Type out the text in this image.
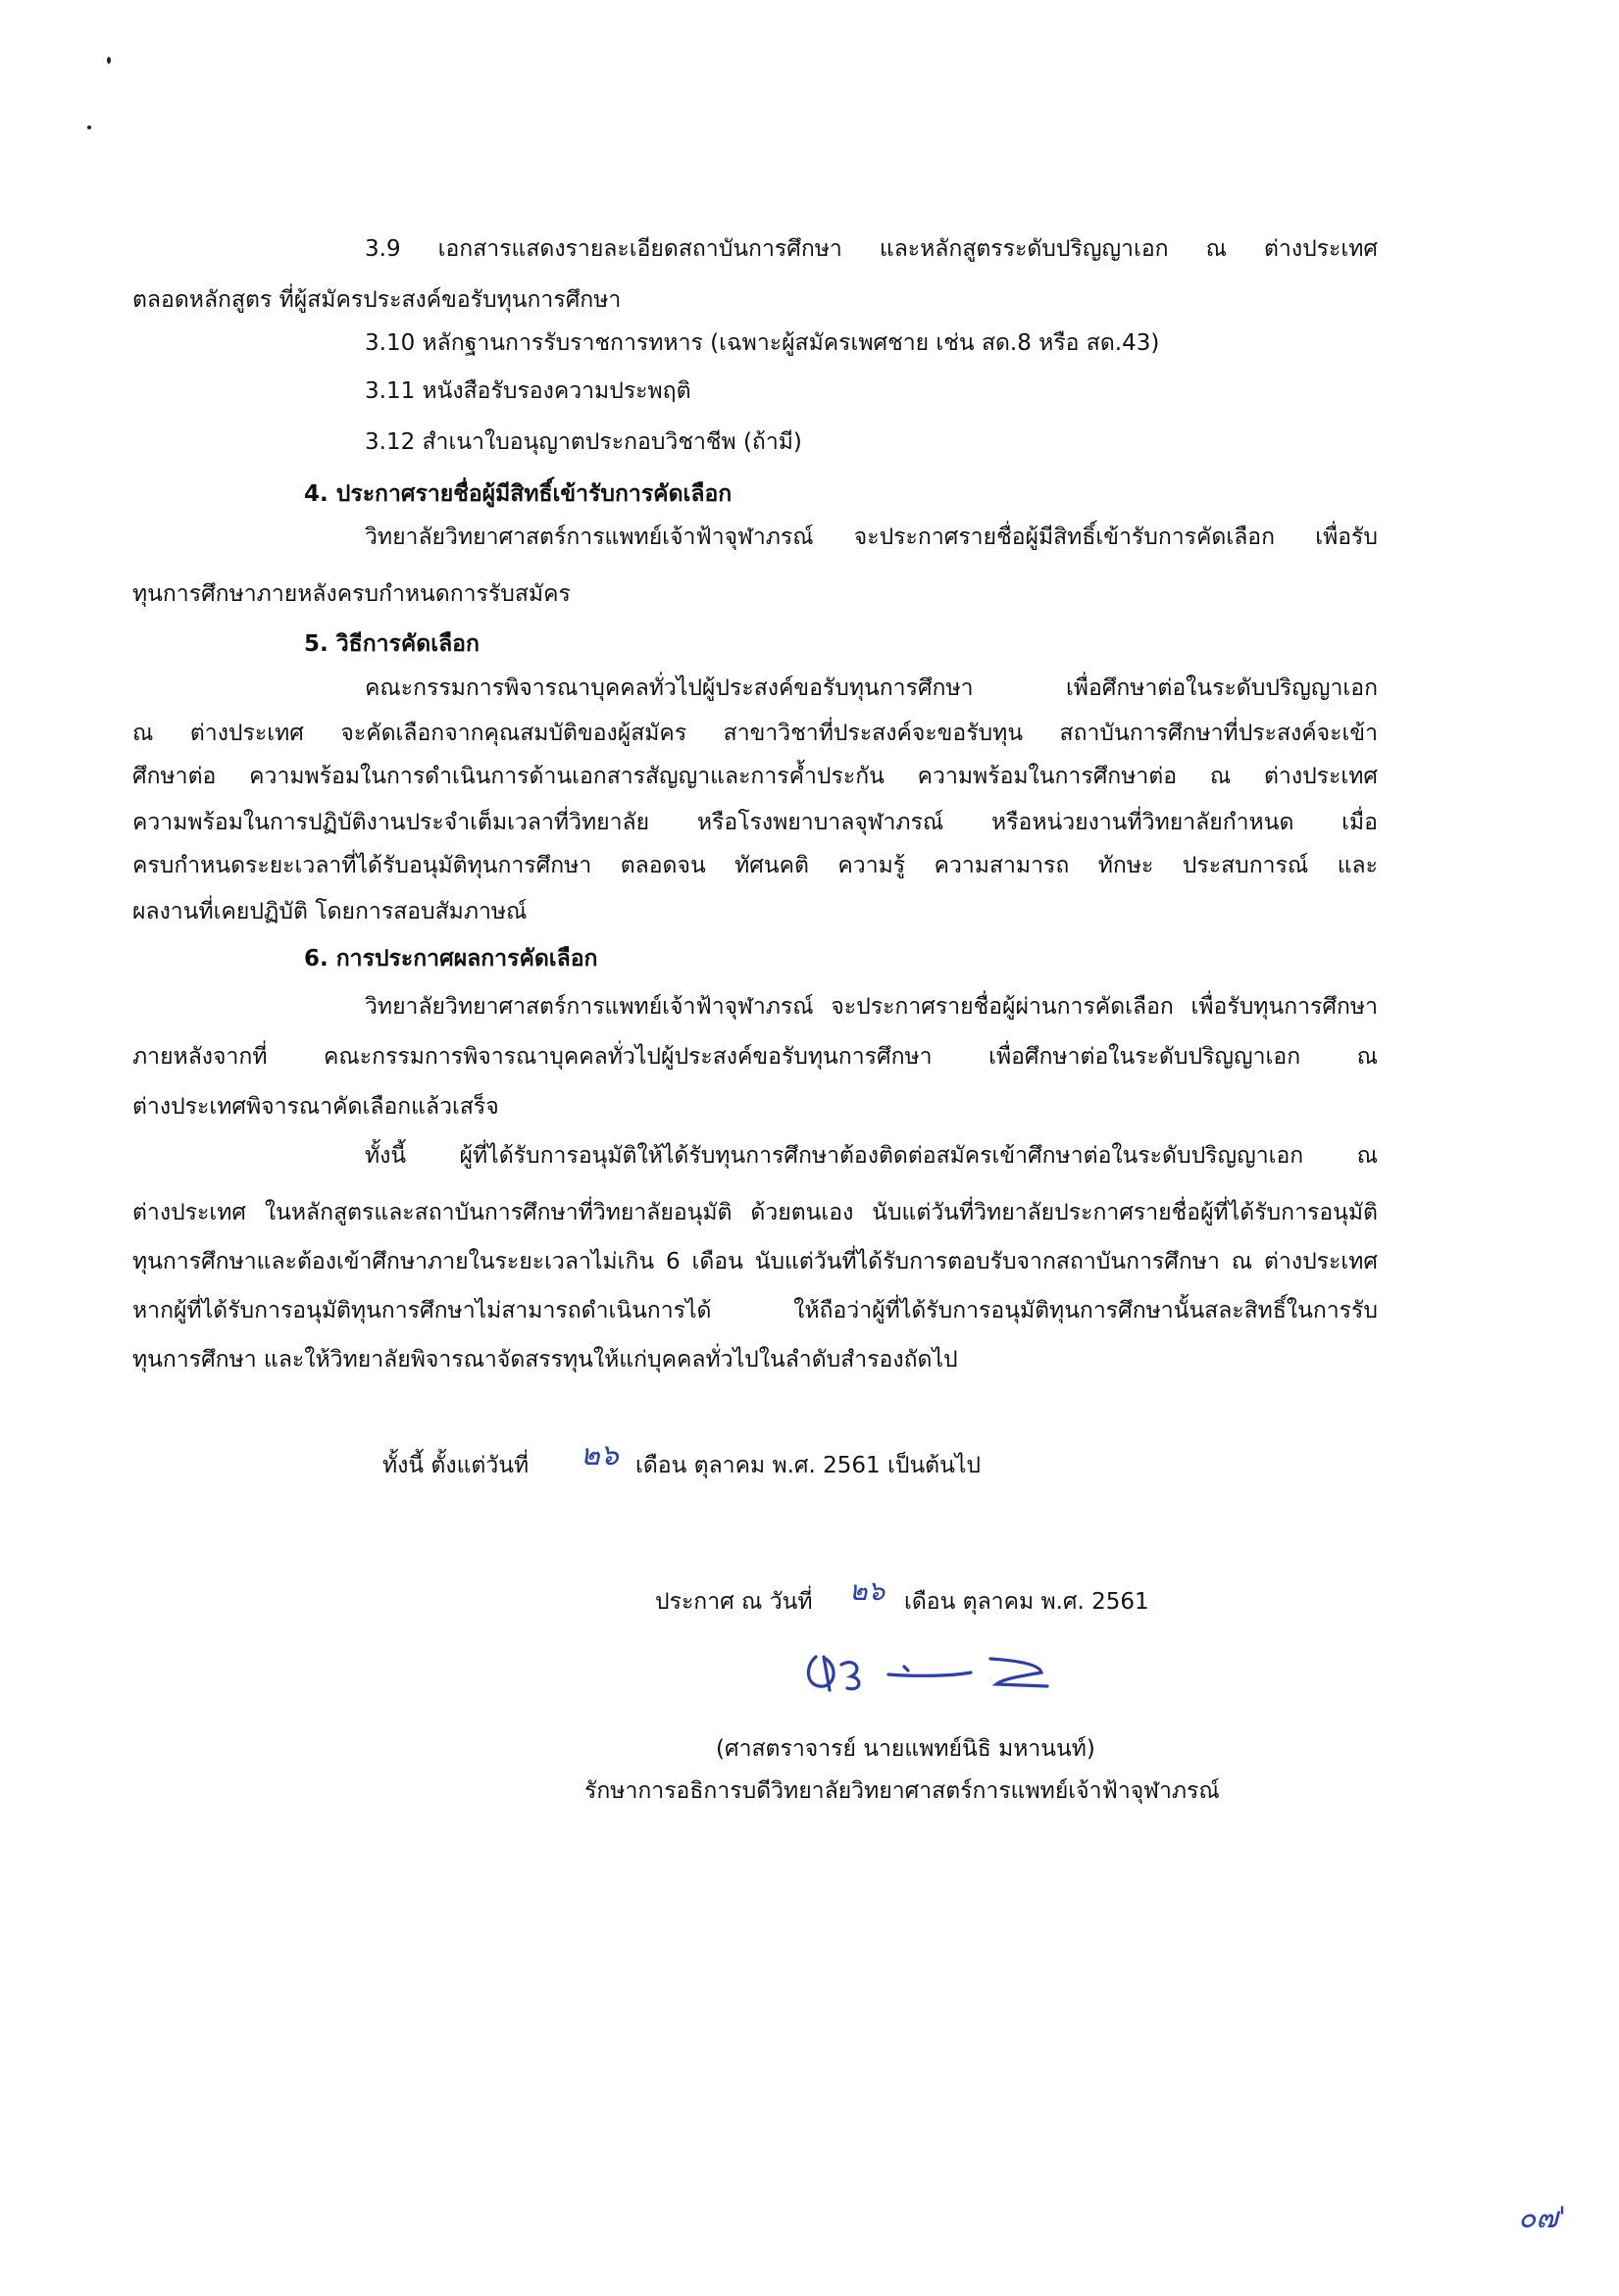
3.9 เอกสารแสดงรายละเอียดสถาบันการศึกษา และหลักสูตรระดับปริญญาเอก ณ ต่างประเทศ
ตลอดหลักสูตร ที่ผู้สมัครประสงค์ขอรับทุนการศึกษา
3.10 หลักฐานการรับราชการทหาร (เฉพาะผู้สมัครเพศชาย เช่น สด.8 หรือ สด.43)
3.11 หนังสือรับรองความประพฤติ
3.12 สำเนาใบอนุญาตประกอบวิชาชีพ (ถ้ามี)
4. ประกาศรายชื่อผู้มีสิทธิ์เข้ารับการคัดเลือก
วิทยาลัยวิทยาศาสตร์การแพทย์เจ้าฟ้าจุฬาภรณ์ จะประกาศรายชื่อผู้มีสิทธิ์เข้ารับการคัดเลือก เพื่อรับ
ทุนการศึกษาภายหลังครบกำหนดการรับสมัคร
5. วิธีการคัดเลือก
คณะกรรมการพิจารณาบุคคลทั่วไปผู้ประสงค์ขอรับทุนการศึกษา เพื่อศึกษาต่อในระดับปริญญาเอก
ณ ต่างประเทศ จะคัดเลือกจากคุณสมบัติของผู้สมัคร สาขาวิชาที่ประสงค์จะขอรับทุน สถาบันการศึกษาที่ประสงค์จะเข้า
ศึกษาต่อ ความพร้อมในการดำเนินการด้านเอกสารสัญญาและการค้ำประกัน ความพร้อมในการศึกษาต่อ ณ ต่างประเทศ
ความพร้อมในการปฏิบัติงานประจำเต็มเวลาที่วิทยาลัย หรือโรงพยาบาลจุฬาภรณ์ หรือหน่วยงานที่วิทยาลัยกำหนด เมื่อ
ครบกำหนดระยะเวลาที่ได้รับอนุมัติทุนการศึกษา ตลอดจน ทัศนคติ ความรู้ ความสามารถ ทักษะ ประสบการณ์ และ
ผลงานที่เคยปฏิบัติ โดยการสอบสัมภาษณ์
6. การประกาศผลการคัดเลือก
วิทยาลัยวิทยาศาสตร์การแพทย์เจ้าฟ้าจุฬาภรณ์ จะประกาศรายชื่อผู้ผ่านการคัดเลือก เพื่อรับทุนการศึกษา
ภายหลังจากที่ คณะกรรมการพิจารณาบุคคลทั่วไปผู้ประสงค์ขอรับทุนการศึกษา เพื่อศึกษาต่อในระดับปริญญาเอก ณ
ต่างประเทศพิจารณาคัดเลือกแล้วเสร็จ
ทั้งนี้ ผู้ที่ได้รับการอนุมัติให้ได้รับทุนการศึกษาต้องติดต่อสมัครเข้าศึกษาต่อในระดับปริญญาเอก ณ
ต่างประเทศ ในหลักสูตรและสถาบันการศึกษาที่วิทยาลัยอนุมัติ ด้วยตนเอง นับแต่วันที่วิทยาลัยประกาศรายชื่อผู้ที่ได้รับการอนุมัติ
ทุนการศึกษาและต้องเข้าศึกษาภายในระยะเวลาไม่เกิน 6 เดือน นับแต่วันที่ได้รับการตอบรับจากสถาบันการศึกษา ณ ต่างประเทศ
หากผู้ที่ได้รับการอนุมัติทุนการศึกษาไม่สามารถดำเนินการได้ ให้ถือว่าผู้ที่ได้รับการอนุมัติทุนการศึกษานั้นสละสิทธิ์ในการรับ
ทุนการศึกษา และให้วิทยาลัยพิจารณาจัดสรรทุนให้แก่บุคคลทั่วไปในลำดับสำรองถัดไป
ทั้งนี้ ตั้งแต่วันที่ ๒๖ เดือน ตุลาคม พ.ศ. 2561 เป็นต้นไป
ประกาศ ณ วันที่ ๒๖ เดือน ตุลาคม พ.ศ. 2561
(ศาสตราจารย์ นายแพทย์นิธิ มหานนท์)
รักษาการอธิการบดีวิทยาลัยวิทยาศาสตร์การแพทย์เจ้าฟ้าจุฬาภรณ์
๐๗'
